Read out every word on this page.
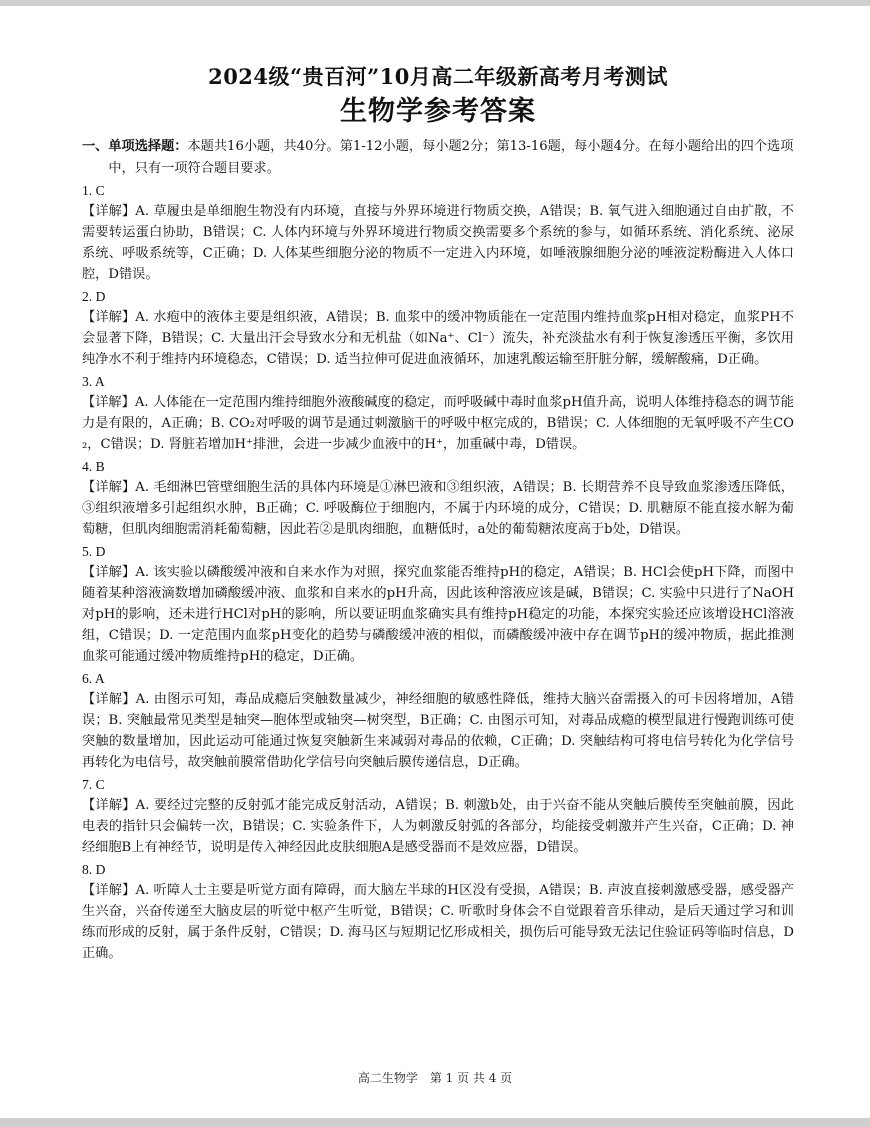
2024级“贵百河”10月高二年级新高考月考测试
生物学参考答案
一、单项选择题：本题共16小题，共40分。第1-12小题，每小题2分；第13-16题，每小题4分。在每小题给出的四个选项中，只有一项符合题目要求。
1. C
【详解】A. 草履虫是单细胞生物没有内环境，直接与外界环境进行物质交换，A错误；B. 氧气进入细胞通过自由扩散，不需要转运蛋白协助，B错误；C. 人体内环境与外界环境进行物质交换需要多个系统的参与，如循环系统、消化系统、泌尿系统、呼吸系统等，C正确；D. 人体某些细胞分泌的物质不一定进入内环境，如唾液腺细胞分泌的唾液淀粉酶进入人体口腔，D错误。
2. D
【详解】A. 水疱中的液体主要是组织液，A错误；B. 血浆中的缓冲物质能在一定范围内维持血浆pH相对稳定，血浆PH不会显著下降，B错误；C. 大量出汗会导致水分和无机盐（如Na⁺、Cl⁻）流失，补充淡盐水有利于恢复渗透压平衡，多饮用纯净水不利于维持内环境稳态，C错误；D. 适当拉伸可促进血液循环，加速乳酸运输至肝脏分解，缓解酸痛，D正确。
3. A
【详解】A. 人体能在一定范围内维持细胞外液酸碱度的稳定，而呼吸碱中毒时血浆pH值升高，说明人体维持稳态的调节能力是有限的，A正确；B. CO₂对呼吸的调节是通过刺激脑干的呼吸中枢完成的，B错误；C. 人体细胞的无氧呼吸不产生CO₂，C错误；D. 肾脏若增加H⁺排泄，会进一步减少血液中的H⁺，加重碱中毒，D错误。
4. B
【详解】A. 毛细淋巴管壁细胞生活的具体内环境是①淋巴液和③组织液，A错误；B. 长期营养不良导致血浆渗透压降低，③组织液增多引起组织水肿，B正确；C. 呼吸酶位于细胞内，不属于内环境的成分，C错误；D. 肌糖原不能直接水解为葡萄糖，但肌肉细胞需消耗葡萄糖，因此若②是肌肉细胞，血糖低时，a处的葡萄糖浓度高于b处，D错误。
5. D
【详解】A. 该实验以磷酸缓冲液和自来水作为对照，探究血浆能否维持pH的稳定，A错误；B. HCl会使pH下降，而图中随着某种溶液滴数增加磷酸缓冲液、血浆和自来水的pH升高，因此该种溶液应该是碱，B错误；C. 实验中只进行了NaOH对pH的影响，还未进行HCl对pH的影响，所以要证明血浆确实具有维持pH稳定的功能，本探究实验还应该增设HCl溶液组，C错误；D. 一定范围内血浆pH变化的趋势与磷酸缓冲液的相似，而磷酸缓冲液中存在调节pH的缓冲物质，据此推测血浆可能通过缓冲物质维持pH的稳定，D正确。
6. A
【详解】A. 由图示可知，毒品成瘾后突触数量减少，神经细胞的敏感性降低，维持大脑兴奋需摄入的可卡因将增加，A错误；B. 突触最常见类型是轴突—胞体型或轴突—树突型，B正确；C. 由图示可知，对毒品成瘾的模型鼠进行慢跑训练可使突触的数量增加，因此运动可能通过恢复突触新生来减弱对毒品的依赖，C正确；D. 突触结构可将电信号转化为化学信号再转化为电信号，故突触前膜常借助化学信号向突触后膜传递信息，D正确。
7. C
【详解】A. 要经过完整的反射弧才能完成反射活动，A错误；B. 刺激b处，由于兴奋不能从突触后膜传至突触前膜，因此电表的指针只会偏转一次，B错误；C. 实验条件下，人为刺激反射弧的各部分，均能接受刺激并产生兴奋，C正确；D. 神经细胞B上有神经节，说明是传入神经因此皮肤细胞A是感受器而不是效应器，D错误。
8. D
【详解】A. 听障人士主要是听觉方面有障碍，而大脑左半球的H区没有受损，A错误；B. 声波直接刺激感受器，感受器产生兴奋，兴奋传递至大脑皮层的听觉中枢产生听觉，B错误；C. 听歌时身体会不自觉跟着音乐律动，是后天通过学习和训练而形成的反射，属于条件反射，C错误；D. 海马区与短期记忆形成相关，损伤后可能导致无法记住验证码等临时信息，D正确。
高二生物学　第 1 页 共 4 页
